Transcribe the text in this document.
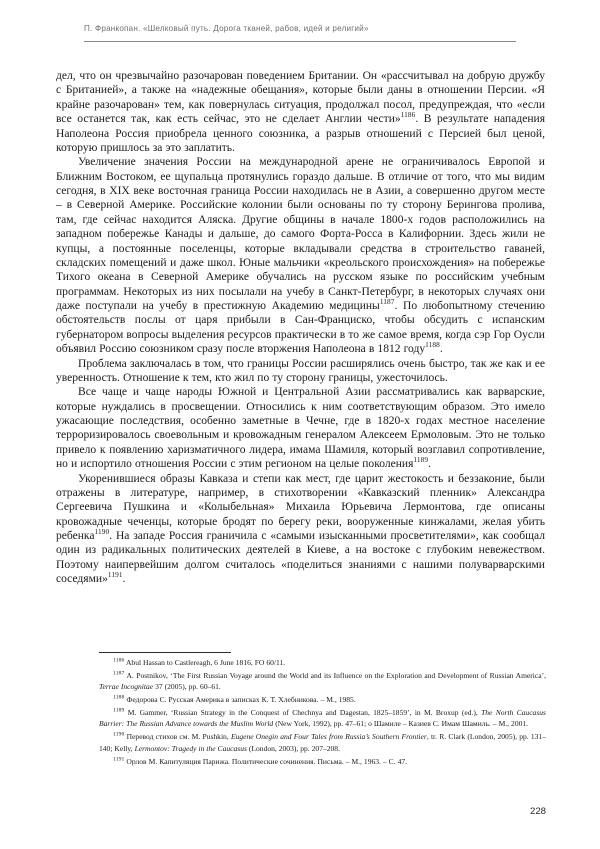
П. Франкопан. «Шелковый путь. Дорога тканей, рабов, идей и религий»

дел, что он чрезвычайно разочарован поведением Британии. Он «рассчитывал на добрую дружбу с Британией», а также на «надежные обещания», которые были даны в отношении Персии. «Я крайне разочарован» тем, как повернулась ситуация, продолжал посол, предупреждая, что «если все останется так, как есть сейчас, это не сделает Англии чести»$^{1186}$. В результате нападения Наполеона Россия приобрела ценного союзника, а разрыв отношений с Персией был ценой, которую пришлось за это заплатить.

Увеличение значения России на международной арене не ограничивалось Европой и Ближним Востоком, ее щупальца протянулись гораздо дальше. В отличие от того, что мы видим сегодня, в XIX веке восточная граница России находилась не в Азии, а совершенно другом месте – в Северной Америке. Российские колонии были основаны по ту сторону Берингова пролива, там, где сейчас находится Аляска. Другие общины в начале 1800-х годов расположились на западном побережье Канады и дальше, до самого Форта-Росса в Калифорнии. Здесь жили не купцы, а постоянные поселенцы, которые вкладывали средства в строительство гаваней, складских помещений и даже школ. Юные мальчики «креольского происхождения» на побережье Тихого океана в Северной Америке обучались на русском языке по российским учебным программам. Некоторых из них посылали на учебу в Санкт-Петербург, в некоторых случаях они даже поступали на учебу в престижную Академию медицины$^{1187}$. По любопытному стечению обстоятельств послы от царя прибыли в Сан-Франциско, чтобы обсудить с испанским губернатором вопросы выделения ресурсов практически в то же самое время, когда сэр Гор Оусли объявил Россию союзником сразу после вторжения Наполеона в 1812 году$^{1188}$.

Проблема заключалась в том, что границы России расширялись очень быстро, так же как и ее уверенность. Отношение к тем, кто жил по ту сторону границы, ужесточилось.

Все чаще и чаще народы Южной и Центральной Азии рассматривались как варварские, которые нуждались в просвещении. Относились к ним соответствующим образом. Это имело ужасающие последствия, особенно заметные в Чечне, где в 1820-х годах местное население терроризировалось своевольным и кровожадным генералом Алексеем Ермоловым. Это не только привело к появлению харизматичного лидера, имама Шамиля, который возглавил сопротивление, но и испортило отношения России с этим регионом на целые поколения$^{1189}$.

Укоренившиеся образы Кавказа и степи как мест, где царит жестокость и беззаконие, были отражены в литературе, например, в стихотворении «Кавказский пленник» Александра Сергеевича Пушкина и «Колыбельная» Михаила Юрьевича Лермонтова, где описаны кровожадные чеченцы, которые бродят по берегу реки, вооруженные кинжалами, желая убить ребенка$^{1190}$. На западе Россия граничила с «самыми изысканными просветителями», как сообщал один из радикальных политических деятелей в Киеве, а на востоке с глубоким невежеством. Поэтому наипервейшим долгом считалось «поделиться знаниями с нашими полуварварскими соседями»$^{1191}$.

$^{1186}$ Abul Hassan to Castlereagh, 6 June 1816, FO 60/11.
$^{1187}$ A. Postnikov, ‘The First Russian Voyage around the World and its Influence on the Exploration and Development of Russian America’, Terrae Incognitae 37 (2005), pp. 60–61.
$^{1188}$ Федорова С. Русская Америка в записках К. Т. Хлебникова. – М., 1985.
$^{1189}$ M. Gammer, ‘Russian Strategy in the Conquest of Chechnya and Dagestan, 1825–1859’, in M. Broxup (ed.), The North Caucasus Barrier: The Russian Advance towards the Muslim World (New York, 1992), pp. 47–61; о Шамиле – Казиев С. Имам Шамиль. – М., 2001.
$^{1190}$ Перевод стихов см. M. Pushkin, Eugene Onegin and Four Tales from Russia’s Southern Frontier, tr. R. Clark (London, 2005), pp. 131–140; Kelly, Lermontov: Tragedy in the Caucasus (London, 2003), pp. 207–208.
$^{1191}$ Орлов М. Капитуляция Парижа. Политические сочинения. Письма. – М., 1963. – С. 47.
228
